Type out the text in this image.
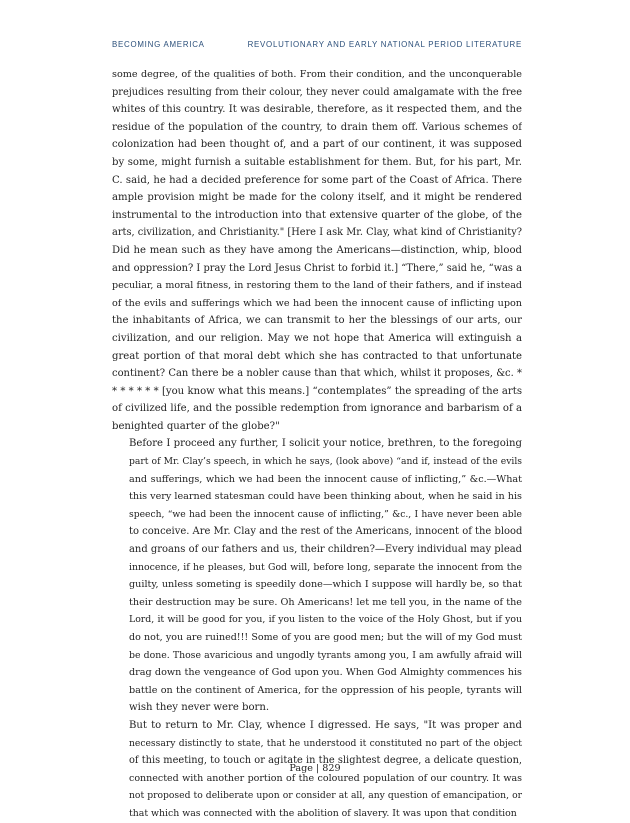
BECOMING AMERICA	REVOLUTIONARY AND EARLY NATIONAL PERIOD LITERATURE
some degree, of the qualities of both. From their condition, and the unconquerable
prejudices resulting from their colour, they never could amalgamate with the free
whites of this country. It was desirable, therefore, as it respected them, and the
residue of the population of the country, to drain them off. Various schemes of
colonization had been thought of, and a part of our continent, it was supposed
by some, might furnish a suitable establishment for them. But, for his part, Mr.
C. said, he had a decided preference for some part of the Coast of Africa. There
ample provision might be made for the colony itself, and it might be rendered
instrumental to the introduction into that extensive quarter of the globe, of the
arts, civilization, and Christianity." [Here I ask Mr. Clay, what kind of Christianity?
Did he mean such as they have among the Americans—distinction, whip, blood
and oppression? I pray the Lord Jesus Christ to forbid it.] “There,” said he, “was a
peculiar, a moral fitness, in restoring them to the land of their fathers, and if instead
of the evils and sufferings which we had been the innocent cause of inflicting upon
the inhabitants of Africa, we can transmit to her the blessings of our arts, our
civilization, and our religion. May we not hope that America will extinguish a
great portion of that moral debt which she has contracted to that unfortunate
continent? Can there be a nobler cause than that which, whilst it proposes, &c. *
* * * * * * [you know what this means.] “contemplates” the spreading of the arts
of civilized life, and the possible redemption from ignorance and barbarism of a
benighted quarter of the globe?"
Before I proceed any further, I solicit your notice, brethren, to the foregoing
part of Mr. Clay’s speech, in which he says, (look above) “and if, instead of the evils
and sufferings, which we had been the innocent cause of inflicting,” &c.—What
this very learned statesman could have been thinking about, when he said in his
speech, “we had been the innocent cause of inflicting,” &c., I have never been able
to conceive. Are Mr. Clay and the rest of the Americans, innocent of the blood
and groans of our fathers and us, their children?—Every individual may plead
innocence, if he pleases, but God will, before long, separate the innocent from the
guilty, unless someting is speedily done—which I suppose will hardly be, so that
their destruction may be sure. Oh Americans! let me tell you, in the name of the
Lord, it will be good for you, if you listen to the voice of the Holy Ghost, but if you
do not, you are ruined!!! Some of you are good men; but the will of my God must
be done. Those avaricious and ungodly tyrants among you, I am awfully afraid will
drag down the vengeance of God upon you. When God Almighty commences his
battle on the continent of America, for the oppression of his people, tyrants will
wish they never were born.
But to return to Mr. Clay, whence I digressed. He says, "It was proper and
necessary distinctly to state, that he understood it constituted no part of the object
of this meeting, to touch or agitate in the slightest degree, a delicate question,
connected with another portion of the coloured population of our country. It was
not proposed to deliberate upon or consider at all, any question of emancipation, or
that which was connected with the abolition of slavery. It was upon that condition
Page | 829
